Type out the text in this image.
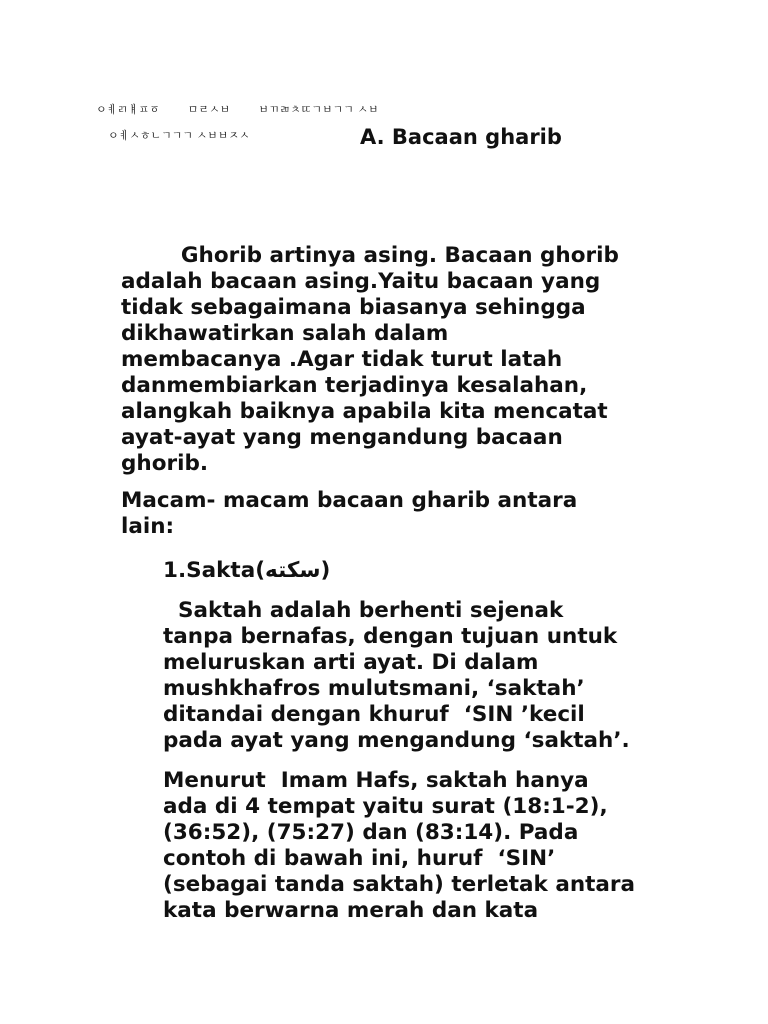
ㅇㅖㄺㅒㅍㆆ        ㅁㄹㅅㅂ        ㅂㄲㄻㅊㄸㄱㅂㄱㄱ ㅅㅂ
ㅇㅖㅅㅎㄴㄱㄱㄱ ㅅㅂㅂㅈㅅ	A. Bacaan gharib

Ghorib artinya asing. Bacaan ghorib
adalah bacaan asing.Yaitu bacaan yang
tidak sebagaimana biasanya sehingga
dikhawatirkan salah dalam
membacanya .Agar tidak turut latah
danmembiarkan terjadinya kesalahan,
alangkah baiknya apabila kita mencatat
ayat-ayat yang mengandung bacaan
ghorib.

Macam- macam bacaan gharib antara
lain:

1.Sakta(سكته)

Saktah adalah berhenti sejenak
tanpa bernafas, dengan tujuan untuk
meluruskan arti ayat. Di dalam
mushkhafros mulutsmani, ‘saktah’
ditandai dengan khuruf  ‘SIN ’kecil
pada ayat yang mengandung ‘saktah’.

Menurut  Imam Hafs, saktah hanya
ada di 4 tempat yaitu surat (18:1-2),
(36:52), (75:27) dan (83:14). Pada
contoh di bawah ini, huruf  ‘SIN’
(sebagai tanda saktah) terletak antara
kata berwarna merah dan kata
